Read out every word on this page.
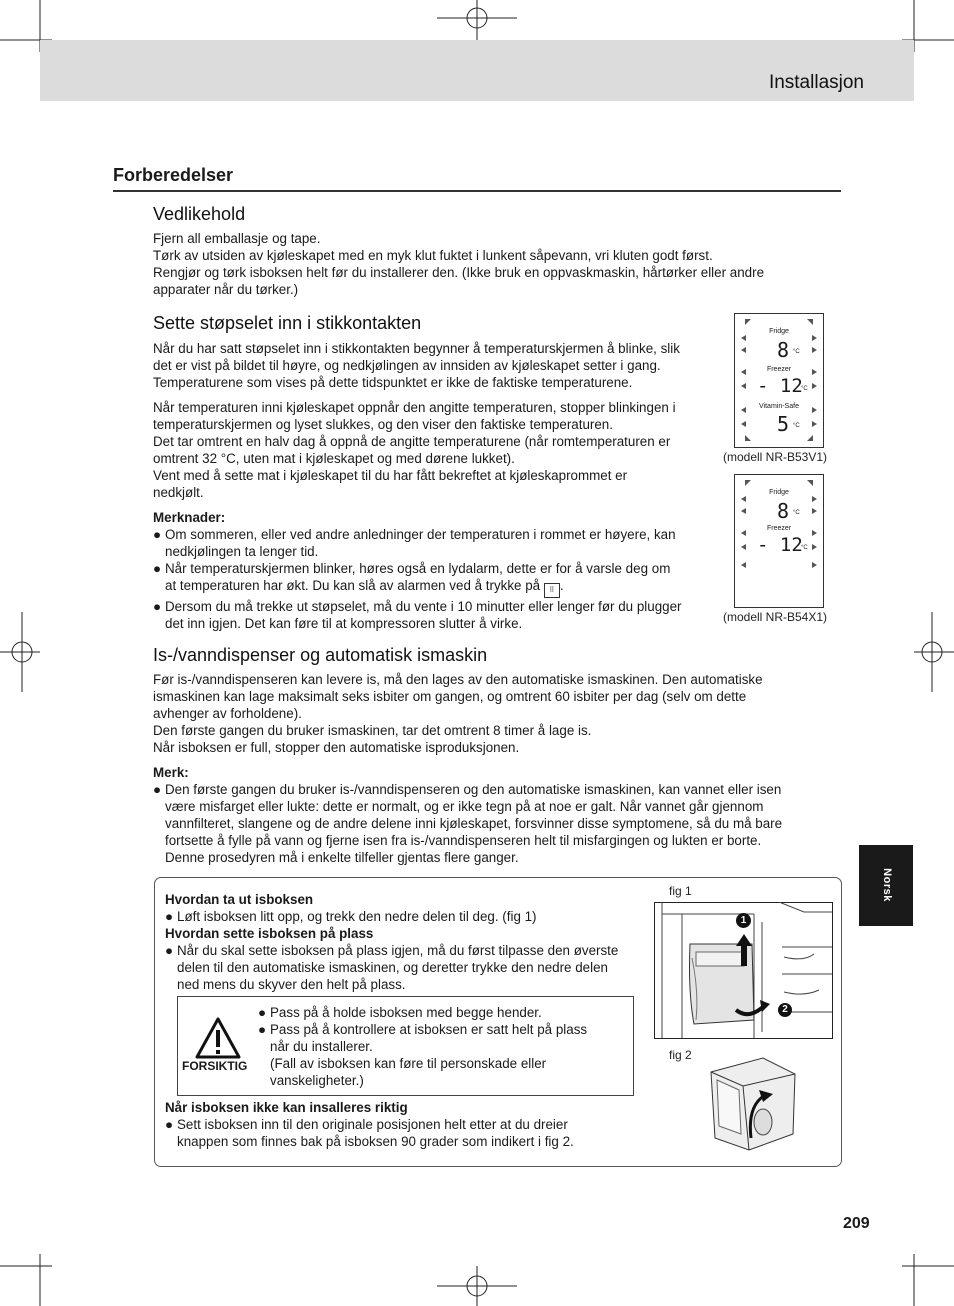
Installasjon
Forberedelser
Vedlikehold

Fjern all emballasje og tape.

Tørk av utsiden av kjøleskapet med en myk klut fuktet i lunkent såpevann, vri kluten godt først.

Rengjør og tørk isboksen helt før du installerer den. (Ikke bruk en oppvaskmaskin, hårtørker eller andre

apparater når du tørker.)

Sette støpselet inn i stikkontakten

Når du har satt støpselet inn i stikkontakten begynner å temperaturskjermen å blinke, slik

det er vist på bildet til høyre, og nedkjølingen av innsiden av kjøleskapet setter i gang.

Temperaturene som vises på dette tidspunktet er ikke de faktiske temperaturene.

Når temperaturen inni kjøleskapet oppnår den angitte temperaturen, stopper blinkingen i

temperaturskjermen og lyset slukkes, og den viser den faktiske temperaturen.

Det tar omtrent en halv dag å oppnå de angitte temperaturene (når romtemperaturen er

omtrent 32 °C, uten mat i kjøleskapet og med dørene lukket).

Vent med å sette mat i kjøleskapet til du har fått bekreftet at kjøleskaprommet er

nedkjølt.

Merknader:

● Om sommeren, eller ved andre anledninger der temperaturen i rommet er høyere, kan

nedkjølingen ta lenger tid.

● Når temperaturskjermen blinker, høres også en lydalarm, dette er for å varsle deg om

at temperaturen har økt. Du kan slå av alarmen ved å trykke på ⠿ .

● Dersom du må trekke ut støpselet, må du vente i 10 minutter eller lenger før du plugger

det inn igjen. Det kan føre til at kompressoren slutter å virke.

Fridge
8 °C
Freezer
- 12
°C
Vitamin-Safe
5 °C
(modell NR-B53V1)
Fridge
8 °C
Freezer
- 12
°C
(modell NR-B54X1)
Is-/vanndispenser og automatisk ismaskin

Før is-/vanndispenseren kan levere is, må den lages av den automatiske ismaskinen. Den automatiske

ismaskinen kan lage maksimalt seks isbiter om gangen, og omtrent 60 isbiter per dag (selv om dette

avhenger av forholdene).

Den første gangen du bruker ismaskinen, tar det omtrent 8 timer å lage is.

Når isboksen er full, stopper den automatiske isproduksjonen.

Merk:

● Den første gangen du bruker is-/vanndispenseren og den automatiske ismaskinen, kan vannet eller isen

være misfarget eller lukte: dette er normalt, og er ikke tegn på at noe er galt. Når vannet går gjennom

vannfilteret, slangene og de andre delene inni kjøleskapet, forsvinner disse symptomene, så du må bare

fortsette å fylle på vann og fjerne isen fra is-/vanndispenseren helt til misfargingen og lukten er borte.

Denne prosedyren må i enkelte tilfeller gjentas flere ganger.

Norsk

Hvordan ta ut isboksen

● Løft isboksen litt opp, og trekk den nedre delen til deg. (fig 1)

Hvordan sette isboksen på plass

● Når du skal sette isboksen på plass igjen, må du først tilpasse den øverste

delen til den automatiske ismaskinen, og deretter trykke den nedre delen

ned mens du skyver den helt på plass.

FORSIKTIG
● Pass på å holde isboksen med begge hender.

● Pass på å kontrollere at isboksen er satt helt på plass

når du installerer.

(Fall av isboksen kan føre til personskade eller

vanskeligheter.)

Når isboksen ikke kan insalleres riktig

● Sett isboksen inn til den originale posisjonen helt etter at du dreier

knappen som finnes bak på isboksen 90 grader som indikert i fig 2.

fig 1
1
2
fig 2
209
